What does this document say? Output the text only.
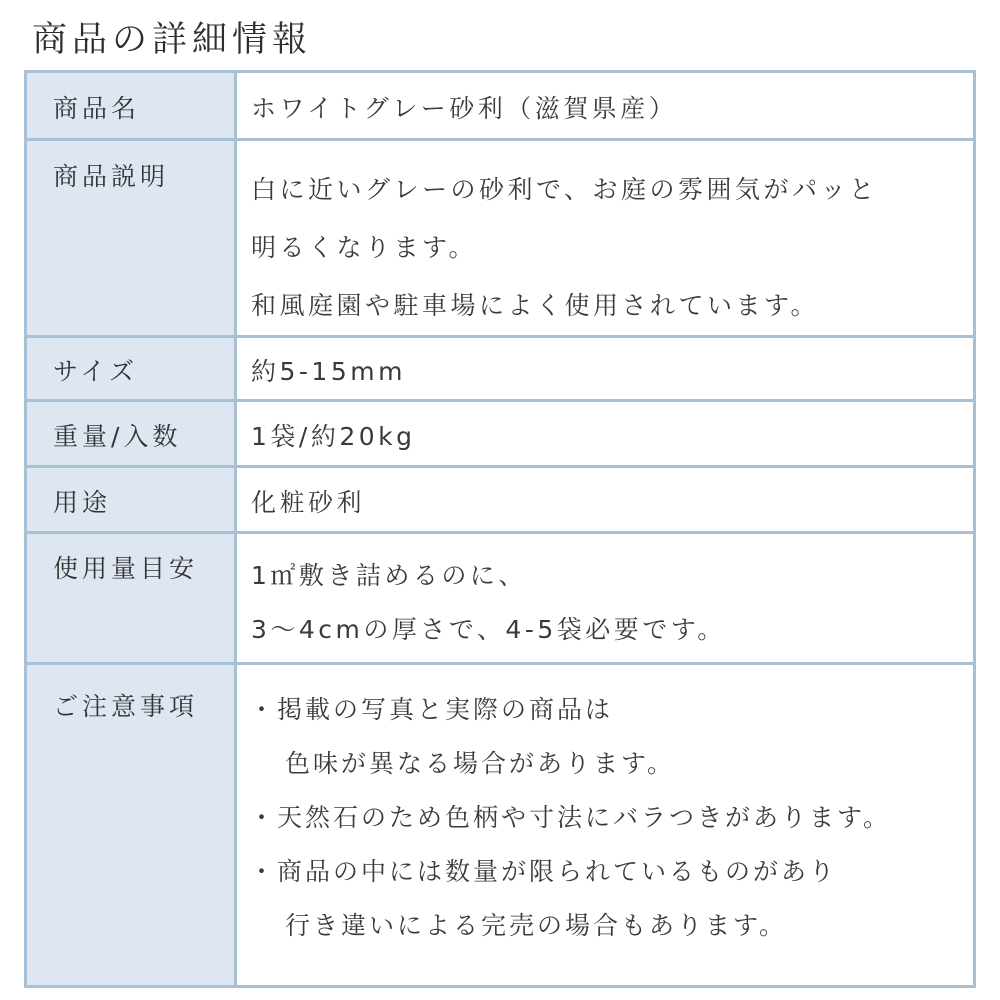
商品の詳細情報
商品名	ホワイトグレー砂利（滋賀県産）
商品説明	白に近いグレーの砂利で、お庭の雰囲気がパッと
明るくなります。
和風庭園や駐車場によく使用されています。
サイズ	約5-15mm
重量/入数	1袋/約20kg
用途	化粧砂利
使用量目安	1㎡敷き詰めるのに、
3〜4cmの厚さで、4-5袋必要です。
ご注意事項	・掲載の写真と実際の商品は
色味が異なる場合があります。
・天然石のため色柄や寸法にバラつきがあります。
・商品の中には数量が限られているものがあり
行き違いによる完売の場合もあります。
